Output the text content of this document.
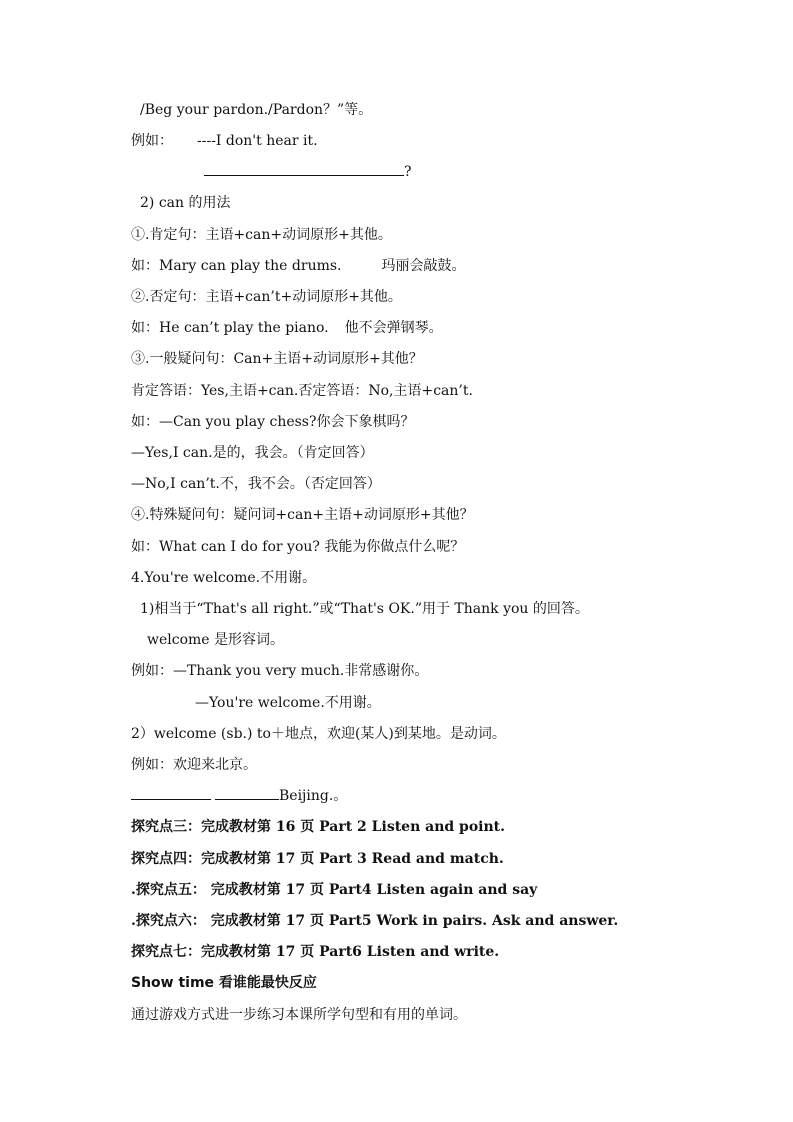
/Beg your pardon./Pardon？”等。
例如： ----I don't hear it.
?
2) can 的用法
①.肯定句：主语+can+动词原形+其他。
如：Mary can play the drums.	玛丽会敲鼓。
②.否定句：主语+can’t+动词原形+其他。
如：He can’t play the piano. 他不会弹钢琴。
③.一般疑问句：Can+主语+动词原形+其他？
肯定答语：Yes,主语+can.否定答语：No,主语+can’t.
如：—Can you play chess?你会下象棋吗？
—Yes,I can.是的，我会。（肯定回答）
—No,I can’t.不，我不会。（否定回答）
④.特殊疑问句：疑问词+can+主语+动词原形+其他？
如：What can I do for you? 我能为你做点什么呢？
4.You're welcome.不用谢。
1)相当于“That's all right.”或“That's OK.”用于 Thank you 的回答。
welcome 是形容词。
例如：—Thank you very much.非常感谢你。
—You're welcome.不用谢。
2）welcome (sb.) to＋地点，欢迎(某人)到某地。是动词。
例如：欢迎来北京。
Beijing.。
探究点三：完成教材第 16 页 Part 2 Listen and point.
探究点四：完成教材第 17 页 Part 3 Read and match.
.探究点五： 完成教材第 17 页 Part4 Listen again and say
.探究点六： 完成教材第 17 页 Part5 Work in pairs. Ask and answer.
探究点七：完成教材第 17 页 Part6 Listen and write.
Show time 看谁能最快反应
通过游戏方式进一步练习本课所学句型和有用的单词。
